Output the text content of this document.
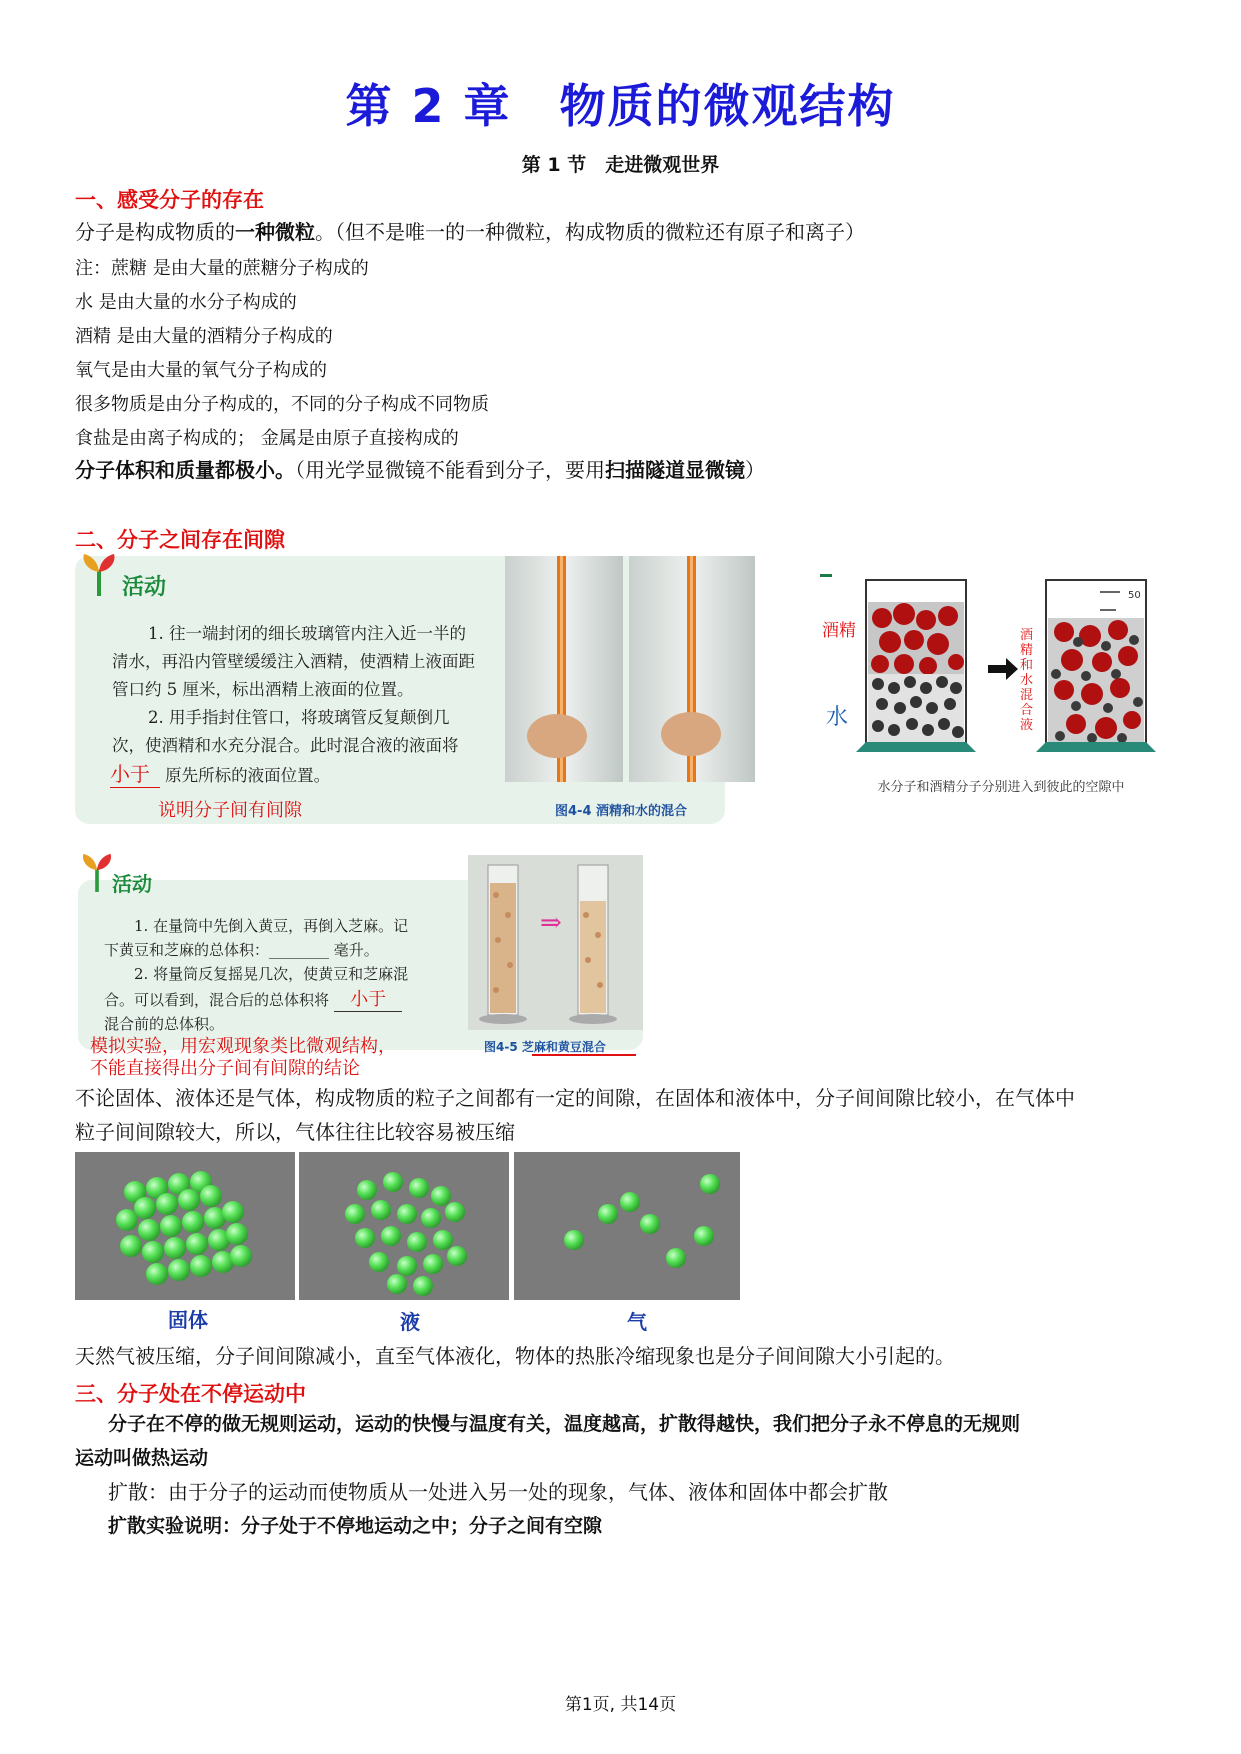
第 2 章　物质的微观结构
第 1 节　走进微观世界
一、感受分子的存在
分子是构成物质的一种微粒。（但不是唯一的一种微粒，构成物质的微粒还有原子和离子）
注：蔗糖 是由大量的蔗糖分子构成的
水 是由大量的水分子构成的
酒精 是由大量的酒精分子构成的
氧气是由大量的氧气分子构成的
很多物质是由分子构成的，不同的分子构成不同物质
食盐是由离子构成的； 金属是由原子直接构成的
分子体积和质量都极小。（用光学显微镜不能看到分子，要用扫描隧道显微镜）
二、分子之间存在间隙
活动
1. 往一端封闭的细长玻璃管内注入近一半的
清水，再沿内管壁缓缓注入酒精，使酒精上液面距
管口约 5 厘米，标出酒精上液面的位置。
2. 用手指封住管口，将玻璃管反复颠倒几
次，使酒精和水充分混合。此时混合液的液面将
小于 原先所标的液面位置。
说明分子间有间隙	图4-4 酒精和水的混合
50
酒精
水
酒精和水混合液
水分子和酒精分子分别进入到彼此的空隙中
活动
1. 在量筒中先倒入黄豆，再倒入芝麻。记
下黄豆和芝麻的总体积：________ 毫升。
2. 将量筒反复摇晃几次，使黄豆和芝麻混
合。可以看到，混合后的总体积将 小于
混合前的总体积。
模拟实验，用宏观现象类比微观结构，
不能直接得出分子间有间隙的结论
⇒
图4-5 芝麻和黄豆混合
不论固体、液体还是气体，构成物质的粒子之间都有一定的间隙，在固体和液体中，分子间间隙比较小，在气体中
粒子间间隙较大，所以，气体往往比较容易被压缩
固体	液	气
天然气被压缩，分子间间隙减小，直至气体液化，物体的热胀冷缩现象也是分子间间隙大小引起的。
三、分子处在不停运动中
分子在不停的做无规则运动，运动的快慢与温度有关，温度越高，扩散得越快，我们把分子永不停息的无规则
运动叫做热运动
扩散：由于分子的运动而使物质从一处进入另一处的现象，气体、液体和固体中都会扩散
扩散实验说明：分子处于不停地运动之中；分子之间有空隙
第1页, 共14页
